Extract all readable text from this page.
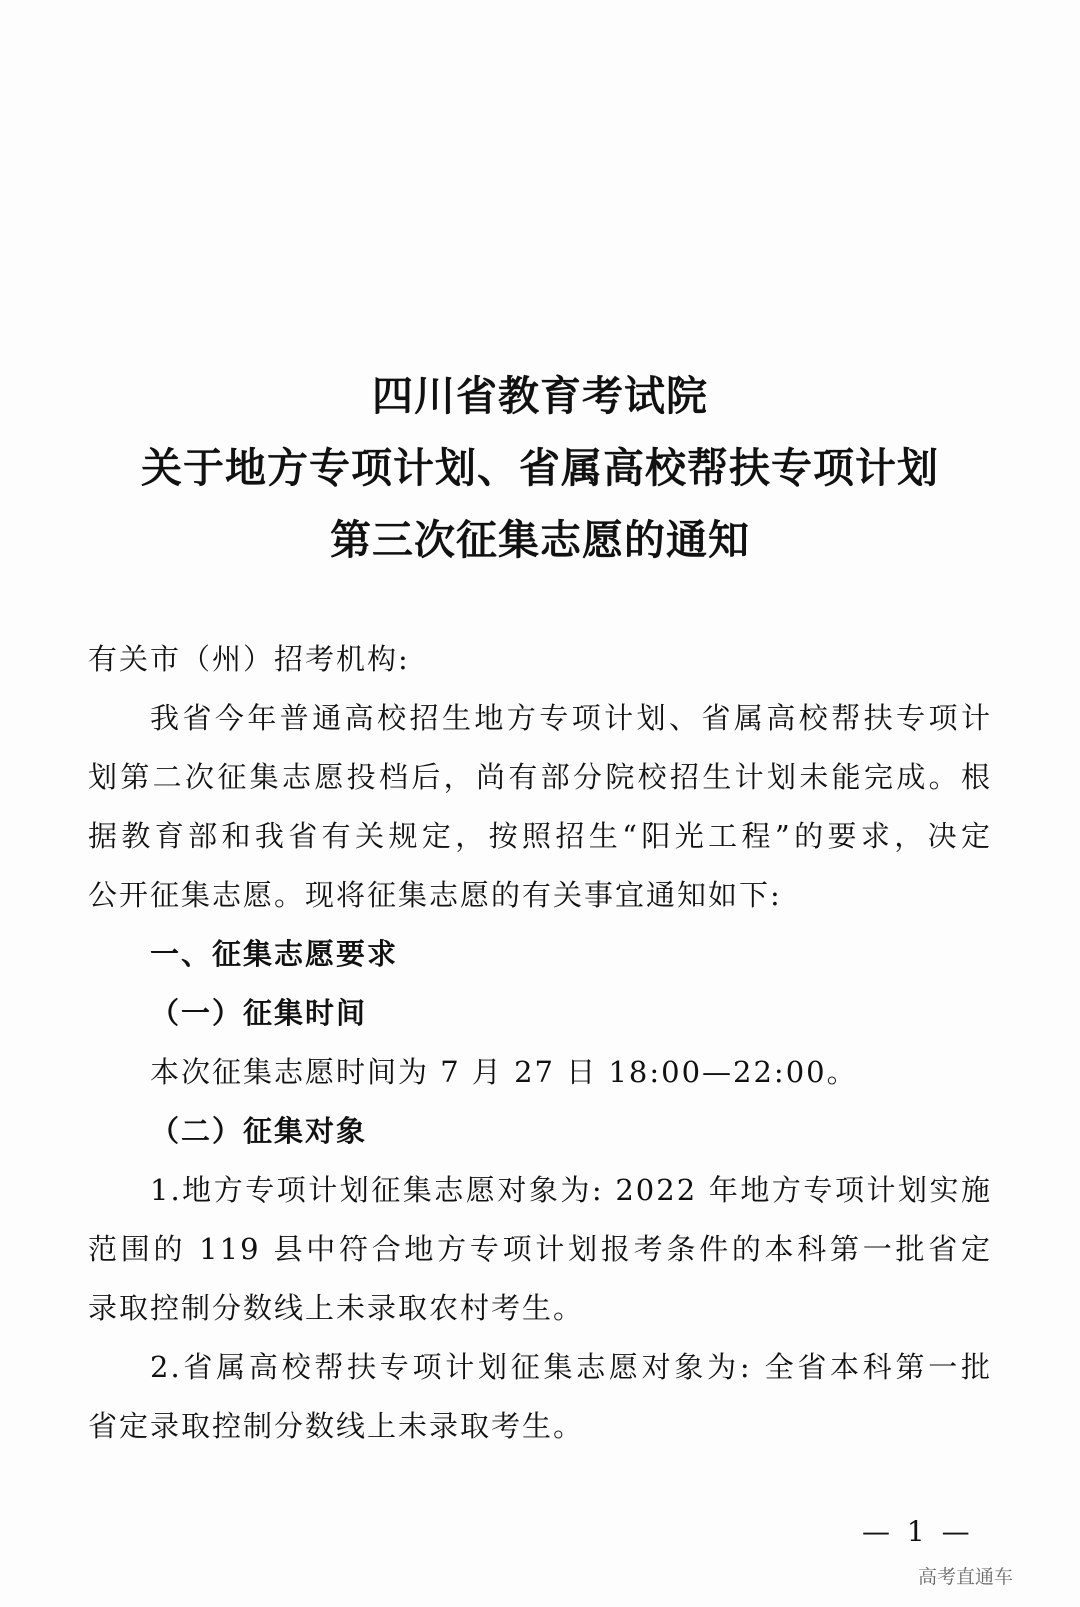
四川省教育考试院
关于地方专项计划、省属高校帮扶专项计划
第三次征集志愿的通知
有关市（州）招考机构:
我省今年普通高校招生地方专项计划、省属高校帮扶专项计
划第二次征集志愿投档后，尚有部分院校招生计划未能完成。根
据教育部和我省有关规定，按照招生“阳光工程”的要求，决定
公开征集志愿。现将征集志愿的有关事宜通知如下:
一、征集志愿要求
（一）征集时间
本次征集志愿时间为 7 月 27 日 18:00—22:00。
（二）征集对象
1.地方专项计划征集志愿对象为: 2022 年地方专项计划实施
范围的 119 县中符合地方专项计划报考条件的本科第一批省定
录取控制分数线上未录取农村考生。
2.省属高校帮扶专项计划征集志愿对象为: 全省本科第一批
省定录取控制分数线上未录取考生。
— 1 —
高考直通车
